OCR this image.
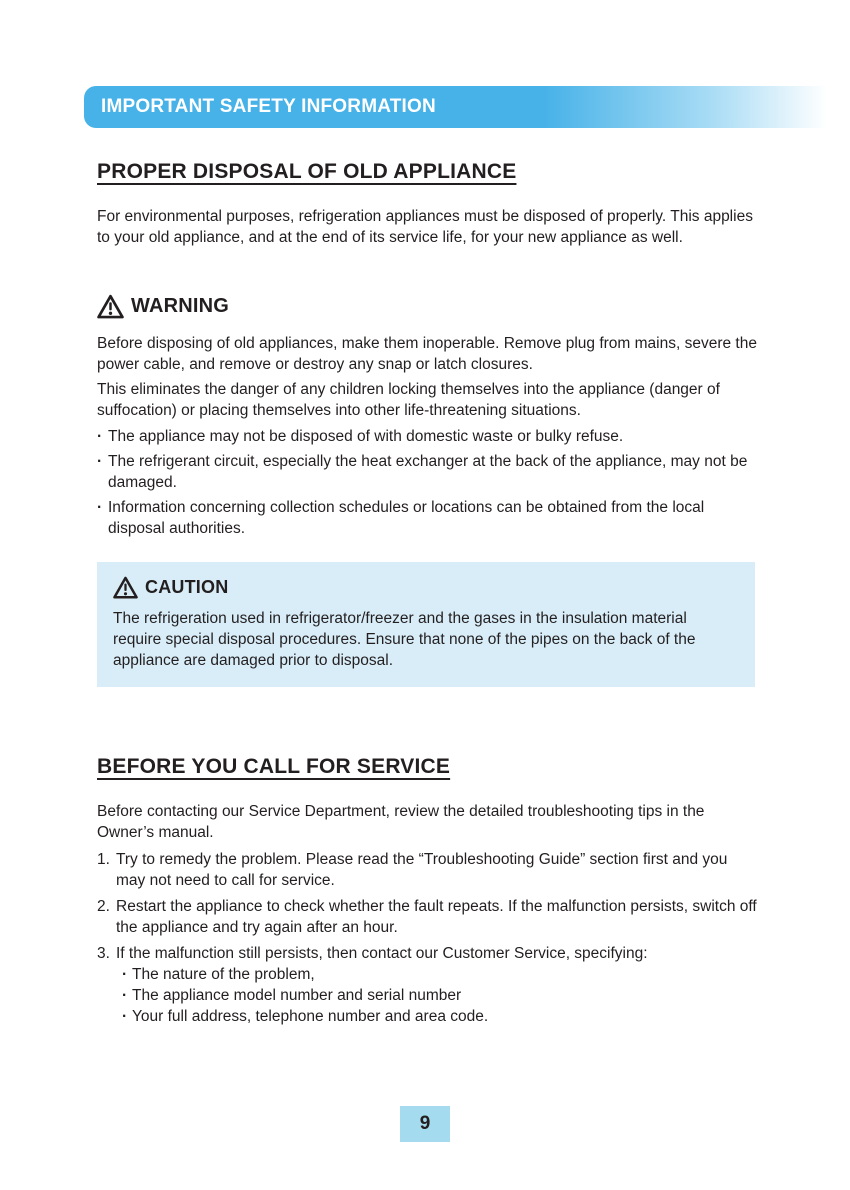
IMPORTANT SAFETY INFORMATION
PROPER DISPOSAL OF OLD APPLIANCE

For environmental purposes, refrigeration appliances must be disposed of properly. This applies to your old appliance, and at the end of its service life, for your new appliance as well.

WARNING

Before disposing of old appliances, make them inoperable. Remove plug from mains, severe the power cable, and remove or destroy any snap or latch closures.

This eliminates the danger of any children locking themselves into the appliance (danger of suffocation) or placing themselves into other life-threatening situations.

· The appliance may not be disposed of with domestic waste or bulky refuse.
· The refrigerant circuit, especially the heat exchanger at the back of the appliance, may not be damaged.
· Information concerning collection schedules or locations can be obtained from the local disposal authorities.
CAUTION

The refrigeration used in refrigerator/freezer and the gases in the insulation material require special disposal procedures. Ensure that none of the pipes on the back of the appliance are damaged prior to disposal.

BEFORE YOU CALL FOR SERVICE

Before contacting our Service Department, review the detailed troubleshooting tips in the Owner’s manual.

1. Try to remedy the problem. Please read the “Troubleshooting Guide” section first and you may not need to call for service.
2. Restart the appliance to check whether the fault repeats. If the malfunction persists, switch off the appliance and try again after an hour.
3. If the malfunction still persists, then contact our Customer Service, specifying:
· The nature of the problem,
· The appliance model number and serial number
· Your full address, telephone number and area code.
9
